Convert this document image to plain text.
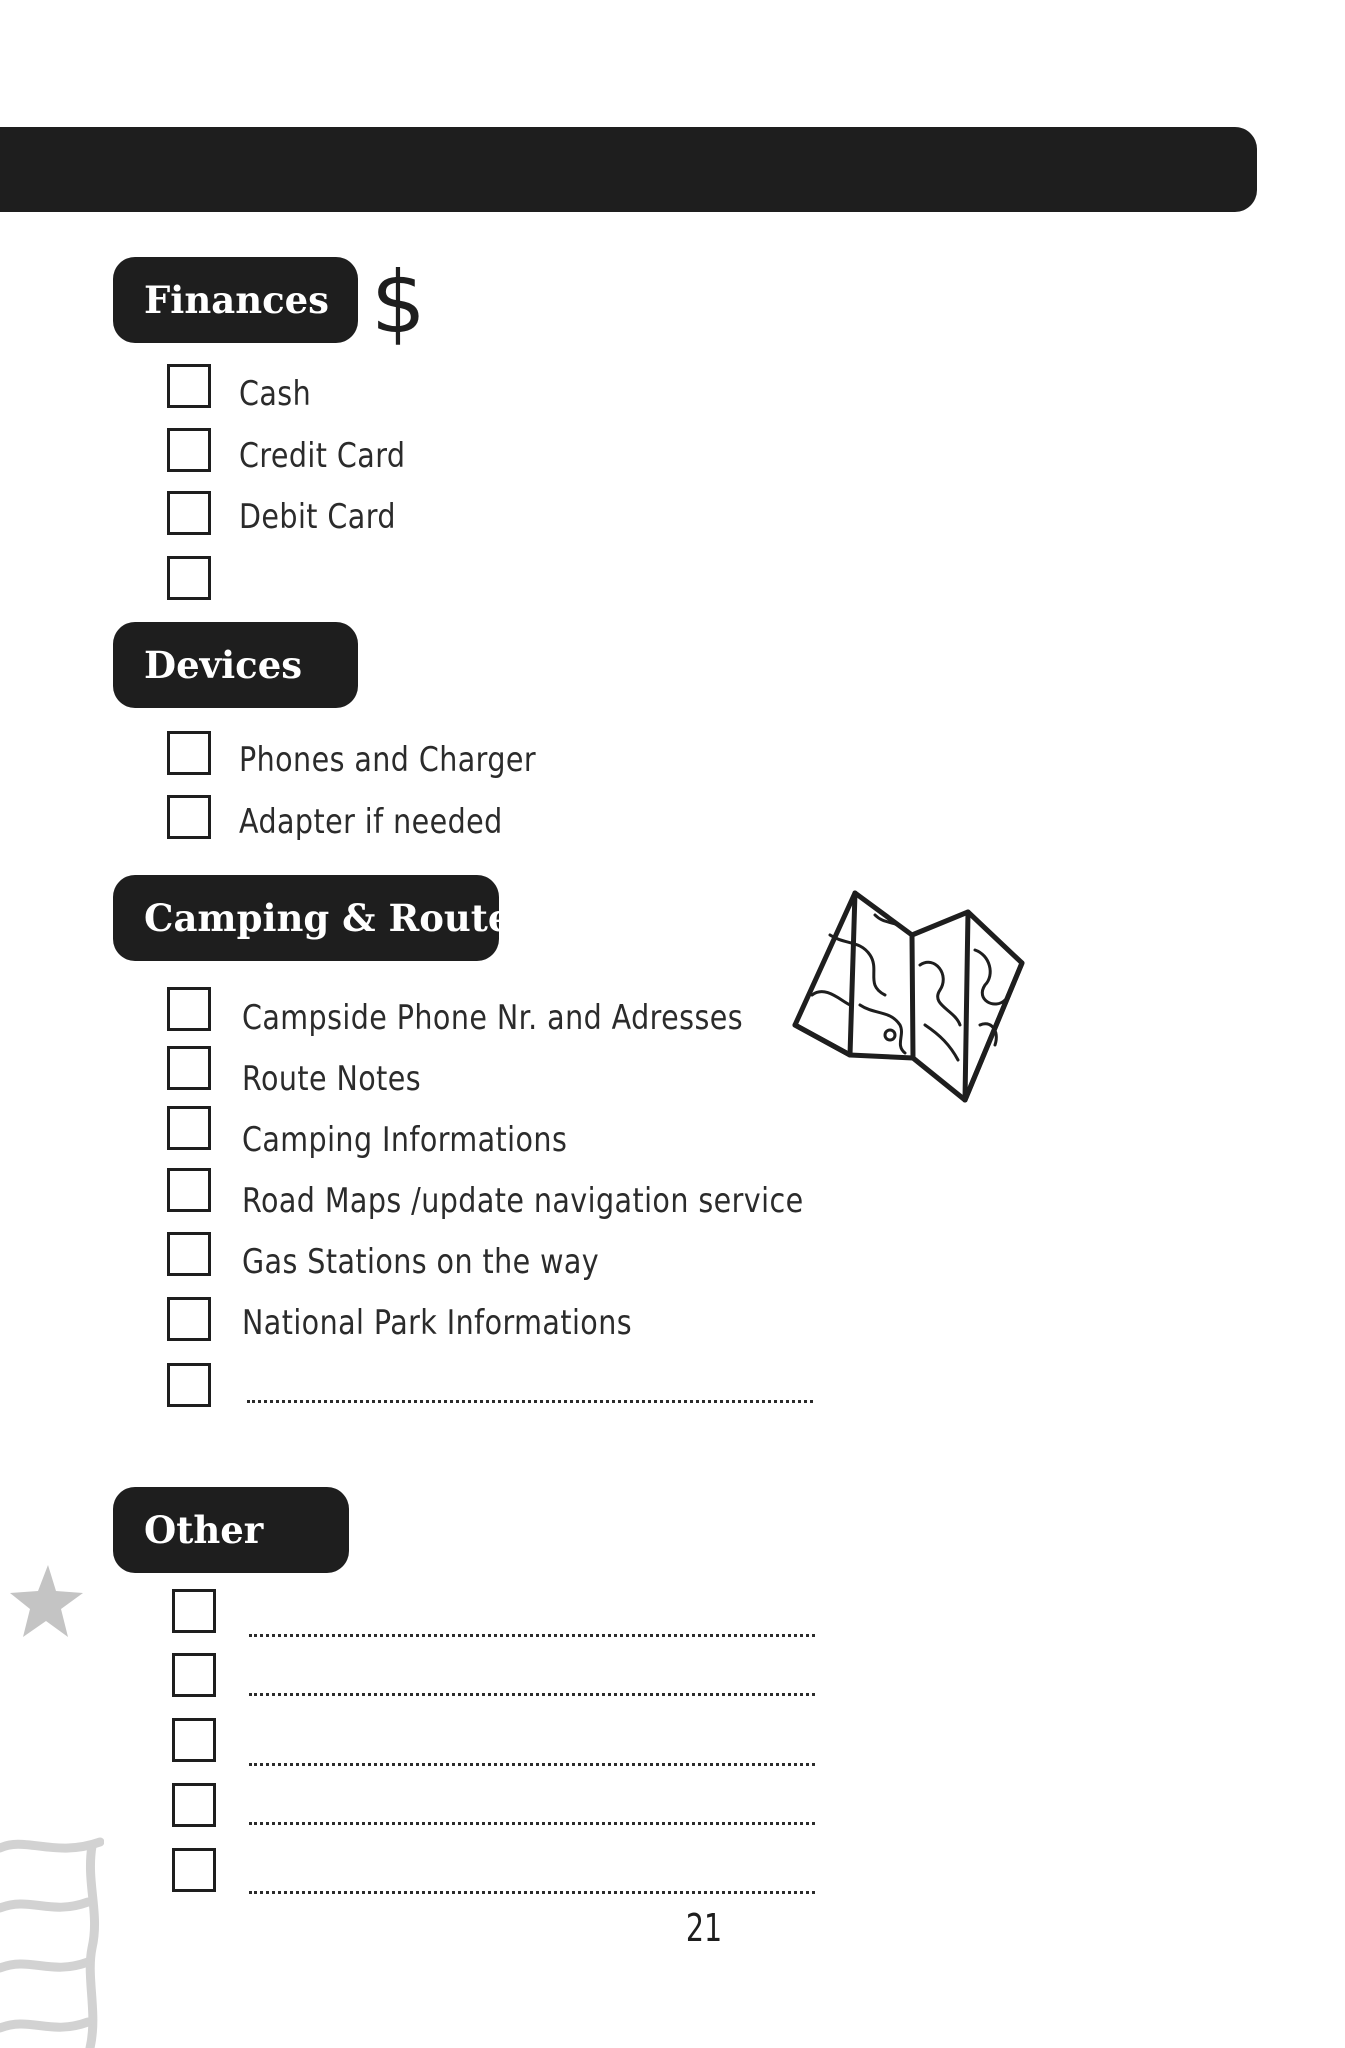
Finances $
Cash
Credit Card
Debit Card
Devices
Phones and Charger
Adapter if needed
Camping & Route
Campside Phone Nr. and Adresses
Route Notes
Camping Informations
Road Maps /update navigation service
Gas Stations on the way
National Park Informations
Other
21
